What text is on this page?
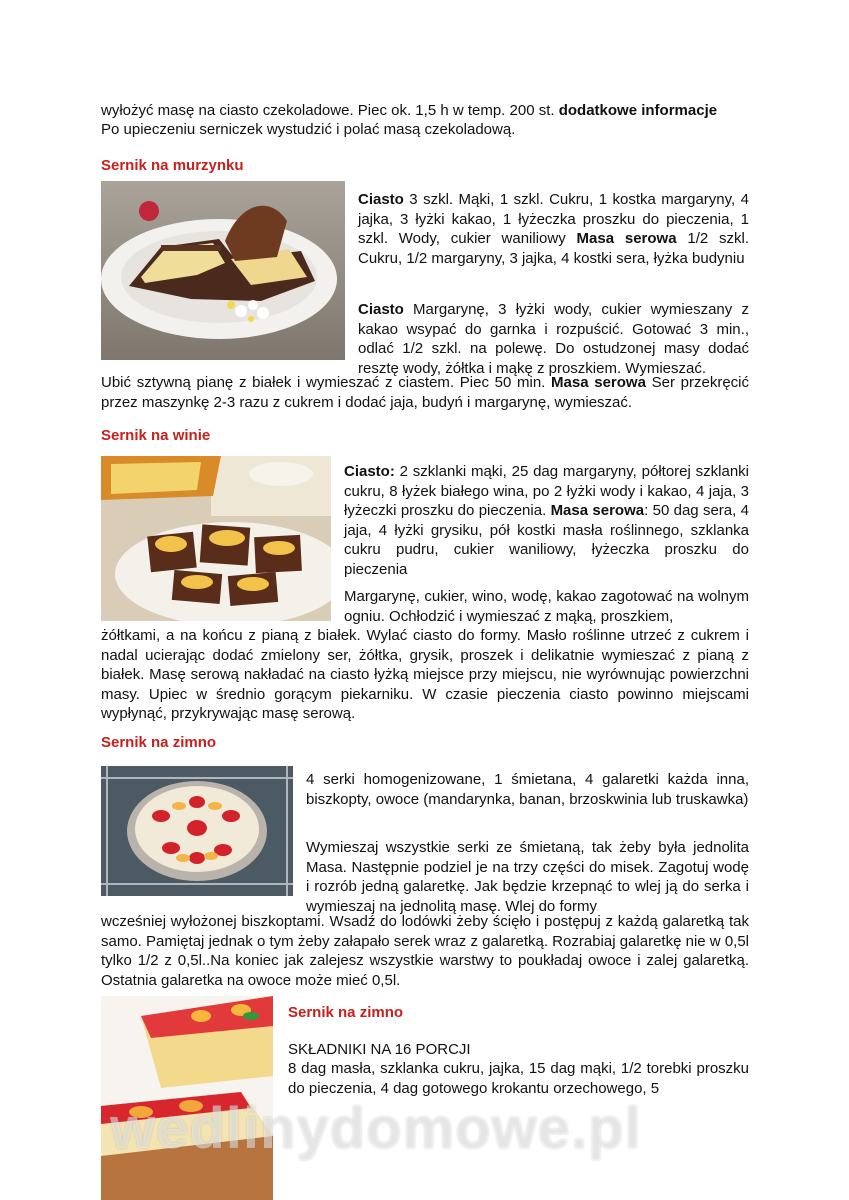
wyłożyć masę na ciasto czekoladowe. Piec ok. 1,5 h w temp. 200 st. dodatkowe informacje
Po upieczeniu serniczek wystudzić i polać masą czekoladową.
Sernik na murzynku
Ciasto 3 szkl. Mąki, 1 szkl. Cukru, 1 kostka margaryny, 4 jajka, 3 łyżki kakao, 1 łyżeczka proszku do pieczenia, 1 szkl. Wody, cukier waniliowy Masa serowa 1/2 szkl. Cukru, 1/2 margaryny, 3 jajka, 4 kostki sera, łyżka budyniu
Ciasto Margarynę, 3 łyżki wody, cukier wymieszany z kakao wsypać do garnka i rozpuścić. Gotować 3 min., odlać 1/2 szkl. na polewę. Do ostudzonej masy dodać resztę wody, żółtka i mąkę z proszkiem. Wymieszać.
Ubić sztywną pianę z białek i wymieszać z ciastem. Piec 50 min. Masa serowa Ser przekręcić przez maszynkę 2-3 razu z cukrem i dodać jaja, budyń i margarynę, wymieszać.
Sernik na winie
Ciasto: 2 szklanki mąki, 25 dag margaryny, półtorej szklanki cukru, 8 łyżek białego wina, po 2 łyżki wody i kakao, 4 jaja, 3 łyżeczki proszku do pieczenia. Masa serowa: 50 dag sera, 4 jaja, 4 łyżki grysiku, pół kostki masła roślinnego, szklanka cukru pudru, cukier waniliowy, łyżeczka proszku do pieczenia
Margarynę, cukier, wino, wodę, kakao zagotować na wolnym ogniu. Ochłodzić i wymieszać z mąką, proszkiem,
żółtkami, a na końcu z pianą z białek. Wylać ciasto do formy. Masło roślinne utrzeć z cukrem i nadal ucierając dodać zmielony ser, żółtka, grysik, proszek i delikatnie wymieszać z pianą z białek. Masę serową nakładać na ciasto łyżką miejsce przy miejscu, nie wyrównując powierzchni masy. Upiec w średnio gorącym piekarniku. W czasie pieczenia ciasto powinno miejscami wypłynąć, przykrywając masę serową.
Sernik na zimno
4 serki homogenizowane, 1 śmietana, 4 galaretki każda inna, biszkopty, owoce (mandarynka, banan, brzoskwinia lub truskawka)
Wymieszaj wszystkie serki ze śmietaną, tak żeby była jednolita Masa. Następnie podziel je na trzy części do misek. Zagotuj wodę i rozrób jedną galaretkę. Jak będzie krzepnąć to wlej ją do serka i wymieszaj na jednolitą masę. Wlej do formy
wcześniej wyłożonej biszkoptami. Wsadź do lodówki żeby ścięło i postępuj z każdą galaretką tak samo. Pamiętaj jednak o tym żeby załapało serek wraz z galaretką. Rozrabiaj galaretkę nie w 0,5l tylko 1/2 z 0,5l..Na koniec jak zalejesz wszystkie warstwy to poukładaj owoce i zalej galaretką. Ostatnia galaretka na owoce może mieć 0,5l.
Sernik na zimno
SKŁADNIKI NA 16 PORCJI
8 dag masła, szklanka cukru, jajka, 15 dag mąki, 1/2 torebki proszku do pieczenia, 4 dag gotowego krokantu orzechowego, 5
wedlinydomowe.pl
